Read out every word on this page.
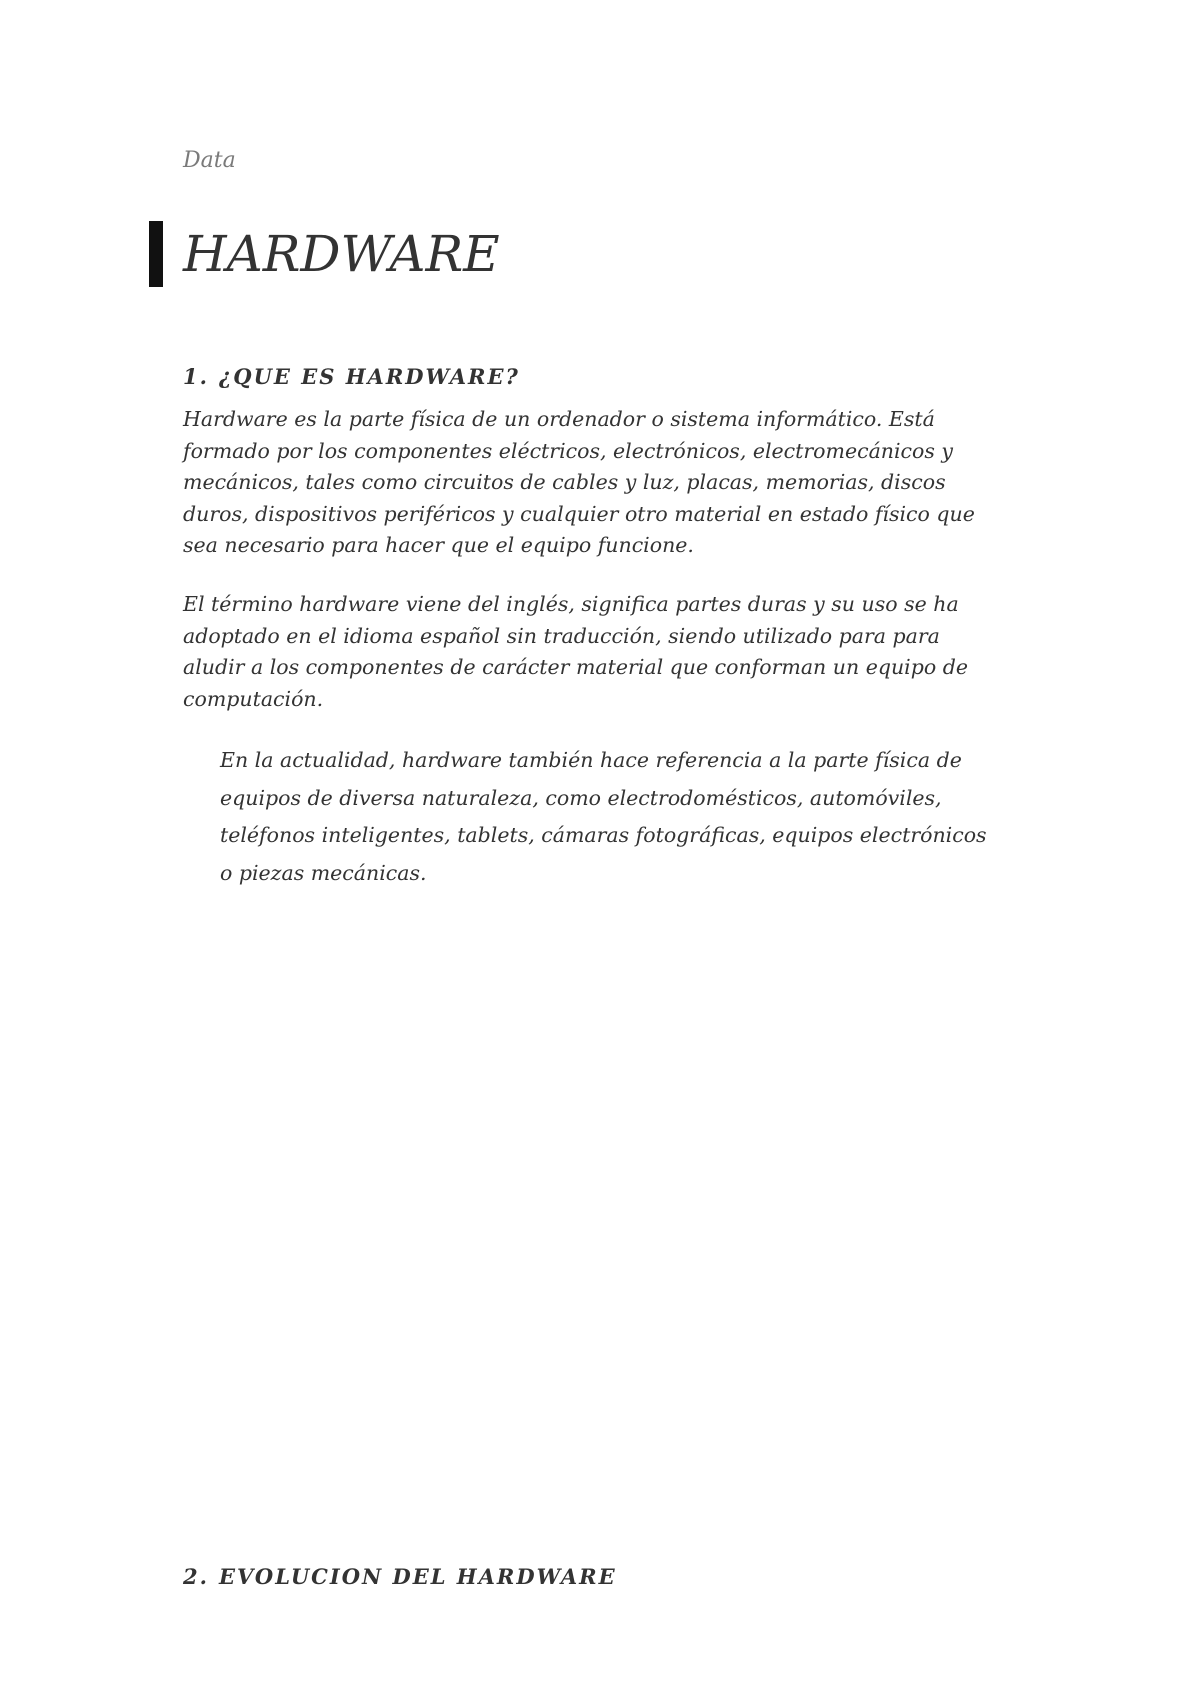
Data
HARDWARE
1. ¿QUE ES HARDWARE?

Hardware es la parte física de un ordenador o sistema informático. Está
formado por los componentes eléctricos, electrónicos, electromecánicos y
mecánicos, tales como circuitos de cables y luz, placas, memorias, discos
duros, dispositivos periféricos y cualquier otro material en estado físico que
sea necesario para hacer que el equipo funcione.

El término hardware viene del inglés, significa partes duras y su uso se ha
adoptado en el idioma español sin traducción, siendo utilizado para para
aludir a los componentes de carácter material que conforman un equipo de
computación.

En la actualidad, hardware también hace referencia a la parte física de
equipos de diversa naturaleza, como electrodomésticos, automóviles,
teléfonos inteligentes, tablets, cámaras fotográficas, equipos electrónicos
o piezas mecánicas.
2. EVOLUCION DEL HARDWARE
